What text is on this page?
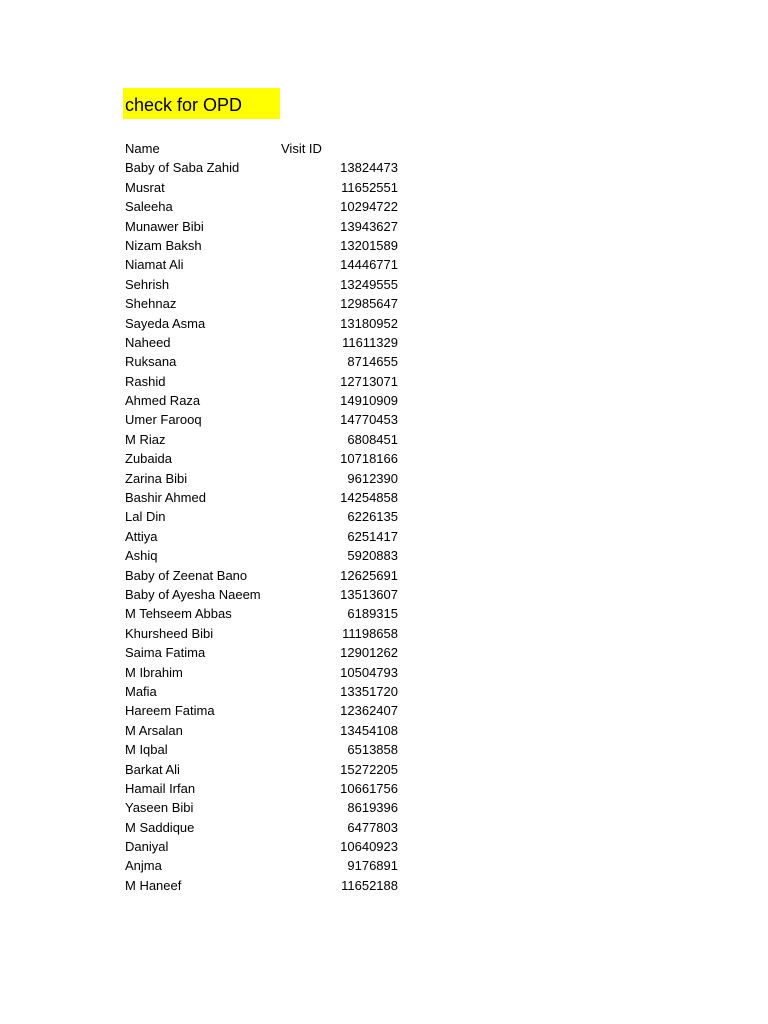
check for OPD
Name	Visit ID
Baby of Saba Zahid	13824473
Musrat	11652551
Saleeha	10294722
Munawer Bibi	13943627
Nizam Baksh	13201589
Niamat Ali	14446771
Sehrish	13249555
Shehnaz	12985647
Sayeda Asma	13180952
Naheed	11611329
Ruksana	8714655
Rashid	12713071
Ahmed Raza	14910909
Umer Farooq	14770453
M Riaz	6808451
Zubaida	10718166
Zarina Bibi	9612390
Bashir Ahmed	14254858
Lal Din	6226135
Attiya	6251417
Ashiq	5920883
Baby of Zeenat Bano	12625691
Baby of Ayesha Naeem	13513607
M Tehseem Abbas	6189315
Khursheed Bibi	11198658
Saima Fatima	12901262
M Ibrahim	10504793
Mafia	13351720
Hareem Fatima	12362407
M Arsalan	13454108
M Iqbal	6513858
Barkat Ali	15272205
Hamail Irfan	10661756
Yaseen Bibi	8619396
M Saddique	6477803
Daniyal	10640923
Anjma	9176891
M Haneef	11652188
